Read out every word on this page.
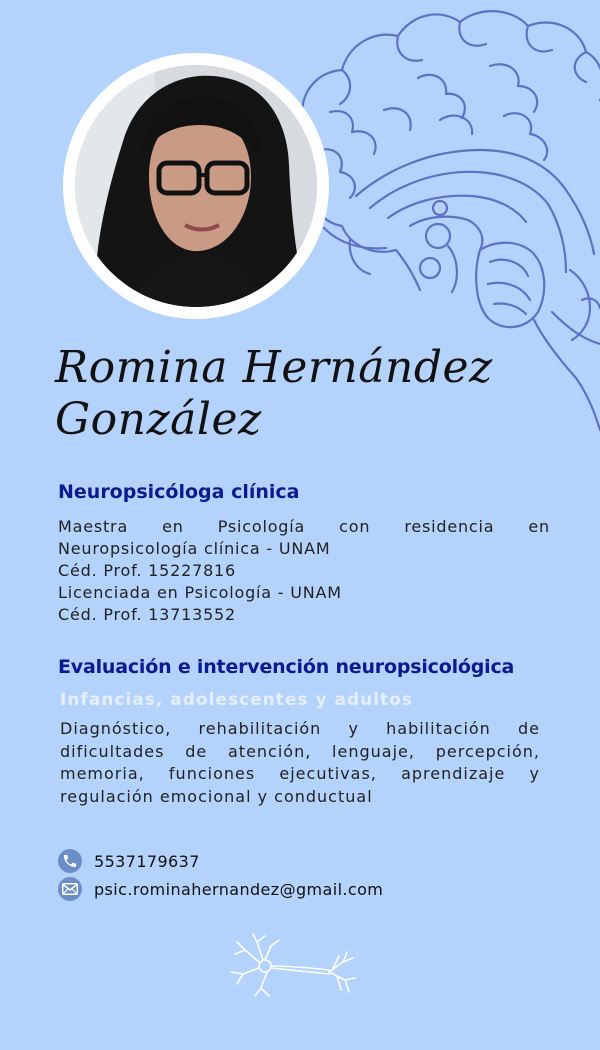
Romina Hernández
González
Neuropsicóloga clínica
Maestra en Psicología con residencia en
Neuropsicología clínica - UNAM
Céd. Prof. 15227816
Licenciada en Psicología - UNAM
Céd. Prof. 13713552
Evaluación e intervención neuropsicológica

Infancias, adolescentes y adultos

Diagnóstico, rehabilitación y habilitación de dificultades de atención, lenguaje, percepción, memoria, funciones ejecutivas, aprendizaje y regulación emocional y conductual

5537179637
psic.rominahernandez@gmail.com
